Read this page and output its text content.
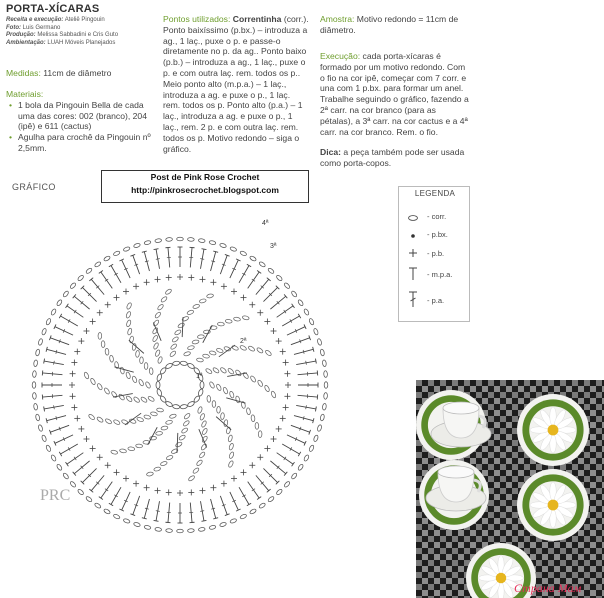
PORTA-XÍCARAS
Receita e execução: Ateliê Pingouin
Foto: Luis Germano
Produção: Melissa Sabbadini e Cris Guto
Ambientação: LUAH Móveis Planejados
Medidas: 11cm de diâmetro
Materiais:
• 1 bola da Pingouin Bella de cada uma das cores: 002 (branco), 204 (ipê) e 611 (cactus)
• Agulha para crochê da Pingouin nº 2,5mm.
Pontos utilizados: Correntinha (corr.). Ponto baixíssimo (p.bx.) – introduza a ag., 1 laç., puxe o p. e passe-o diretamente no p. da ag.. Ponto baixo (p.b.) – introduza a ag., 1 laç., puxe o p. e com outra laç. rem. todos os p.. Meio ponto alto (m.p.a.) – 1 laç., introduza a ag. e puxe o p., 1 laç. rem. todos os p. Ponto alto (p.a.) – 1 laç., introduza a ag. e puxe o p., 1 laç., rem. 2 p. e com outra laç. rem. todos os p. Motivo redondo – siga o gráfico.
Amostra: Motivo redondo = 11cm de diâmetro.
Execução: cada porta-xícaras é formado por um motivo redondo. Com o fio na cor ipê, começar com 7 corr. e una com 1 p.bx. para formar um anel. Trabalhe seguindo o gráfico, fazendo a 2ª carr. na cor branco (para as pétalas), a 3ª carr. na cor cactus e a 4ª carr. na cor branco. Rem. o fio.
Dica: a peça também pode ser usada como porta-copos.
GRÁFICO
4ª
3ª
2ª
1ª
PRC
Post de Pink Rose Crochet
http://pinkrosecrochet.blogspot.com	LEGENDA
- corr.
- p.bx.
- p.b.
- m.p.a.
- p.a.
Страна Мам
